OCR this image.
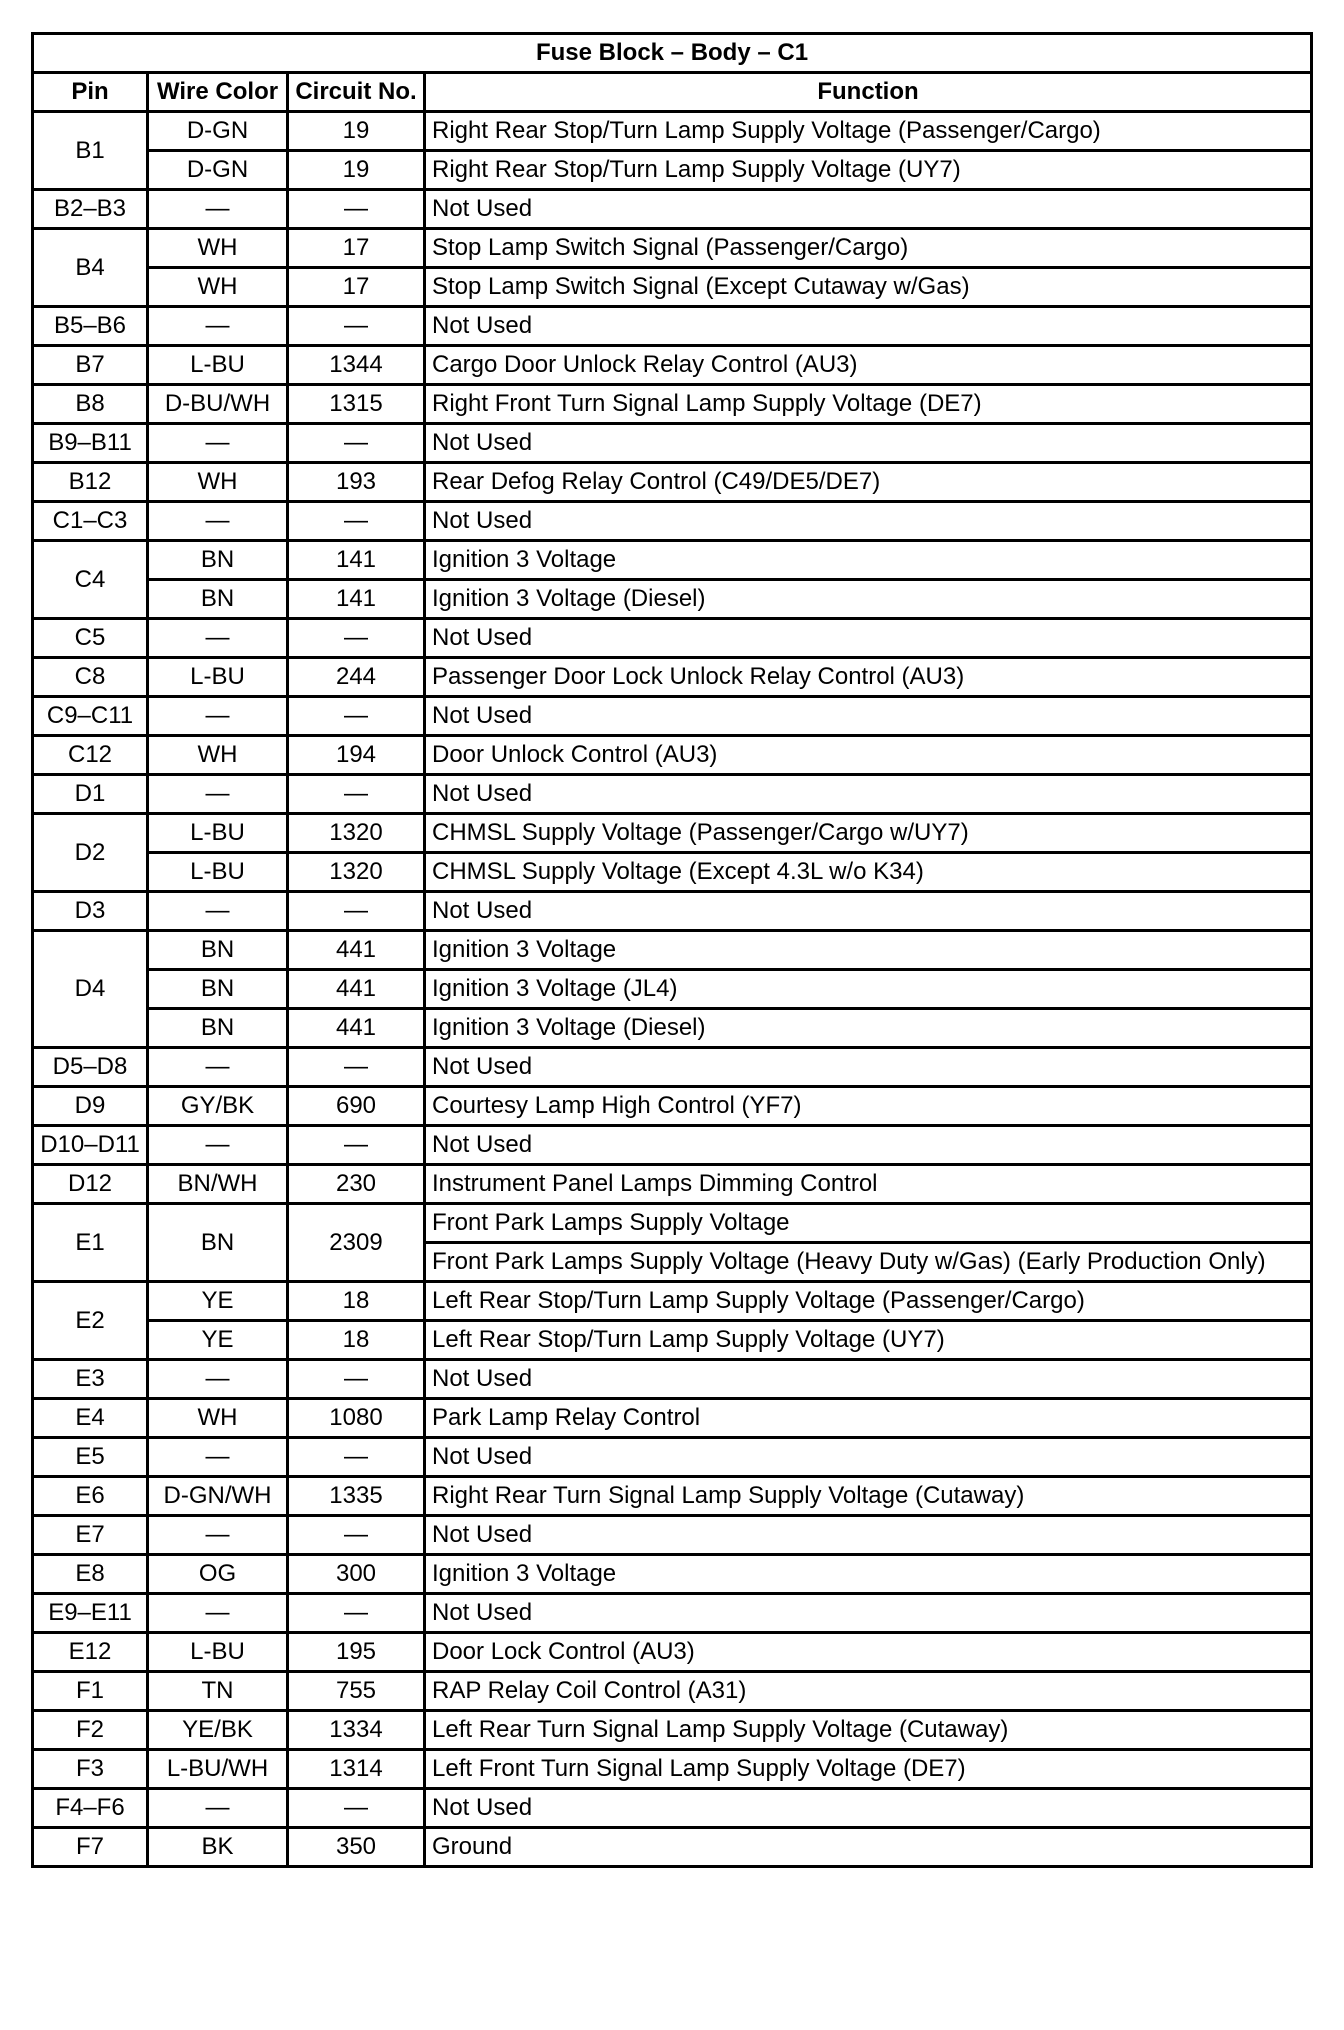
Fuse Block – Body – C1			
Pin	Wire Color	Circuit No.	Function
B1	D-GN	19	Right Rear Stop/Turn Lamp Supply Voltage (Passenger/Cargo)
	D-GN	19	Right Rear Stop/Turn Lamp Supply Voltage (UY7)
B2–B3	—	—	Not Used
B4	WH	17	Stop Lamp Switch Signal (Passenger/Cargo)
	WH	17	Stop Lamp Switch Signal (Except Cutaway w/Gas)
B5–B6	—	—	Not Used
B7	L-BU	1344	Cargo Door Unlock Relay Control (AU3)
B8	D-BU/WH	1315	Right Front Turn Signal Lamp Supply Voltage (DE7)
B9–B11	—	—	Not Used
B12	WH	193	Rear Defog Relay Control (C49/DE5/DE7)
C1–C3	—	—	Not Used
C4	BN	141	Ignition 3 Voltage
	BN	141	Ignition 3 Voltage (Diesel)
C5	—	—	Not Used
C8	L-BU	244	Passenger Door Lock Unlock Relay Control (AU3)
C9–C11	—	—	Not Used
C12	WH	194	Door Unlock Control (AU3)
D1	—	—	Not Used
D2	L-BU	1320	CHMSL Supply Voltage (Passenger/Cargo w/UY7)
	L-BU	1320	CHMSL Supply Voltage (Except 4.3L w/o K34)
D3	—	—	Not Used
D4	BN	441	Ignition 3 Voltage
	BN	441	Ignition 3 Voltage (JL4)
	BN	441	Ignition 3 Voltage (Diesel)
D5–D8	—	—	Not Used
D9	GY/BK	690	Courtesy Lamp High Control (YF7)
D10–D11	—	—	Not Used
D12	BN/WH	230	Instrument Panel Lamps Dimming Control
E1	BN	2309	Front Park Lamps Supply Voltage
			Front Park Lamps Supply Voltage (Heavy Duty w/Gas) (Early Production Only)
E2	YE	18	Left Rear Stop/Turn Lamp Supply Voltage (Passenger/Cargo)
	YE	18	Left Rear Stop/Turn Lamp Supply Voltage (UY7)
E3	—	—	Not Used
E4	WH	1080	Park Lamp Relay Control
E5	—	—	Not Used
E6	D-GN/WH	1335	Right Rear Turn Signal Lamp Supply Voltage (Cutaway)
E7	—	—	Not Used
E8	OG	300	Ignition 3 Voltage
E9–E11	—	—	Not Used
E12	L-BU	195	Door Lock Control (AU3)
F1	TN	755	RAP Relay Coil Control (A31)
F2	YE/BK	1334	Left Rear Turn Signal Lamp Supply Voltage (Cutaway)
F3	L-BU/WH	1314	Left Front Turn Signal Lamp Supply Voltage (DE7)
F4–F6	—	—	Not Used
F7	BK	350	Ground
